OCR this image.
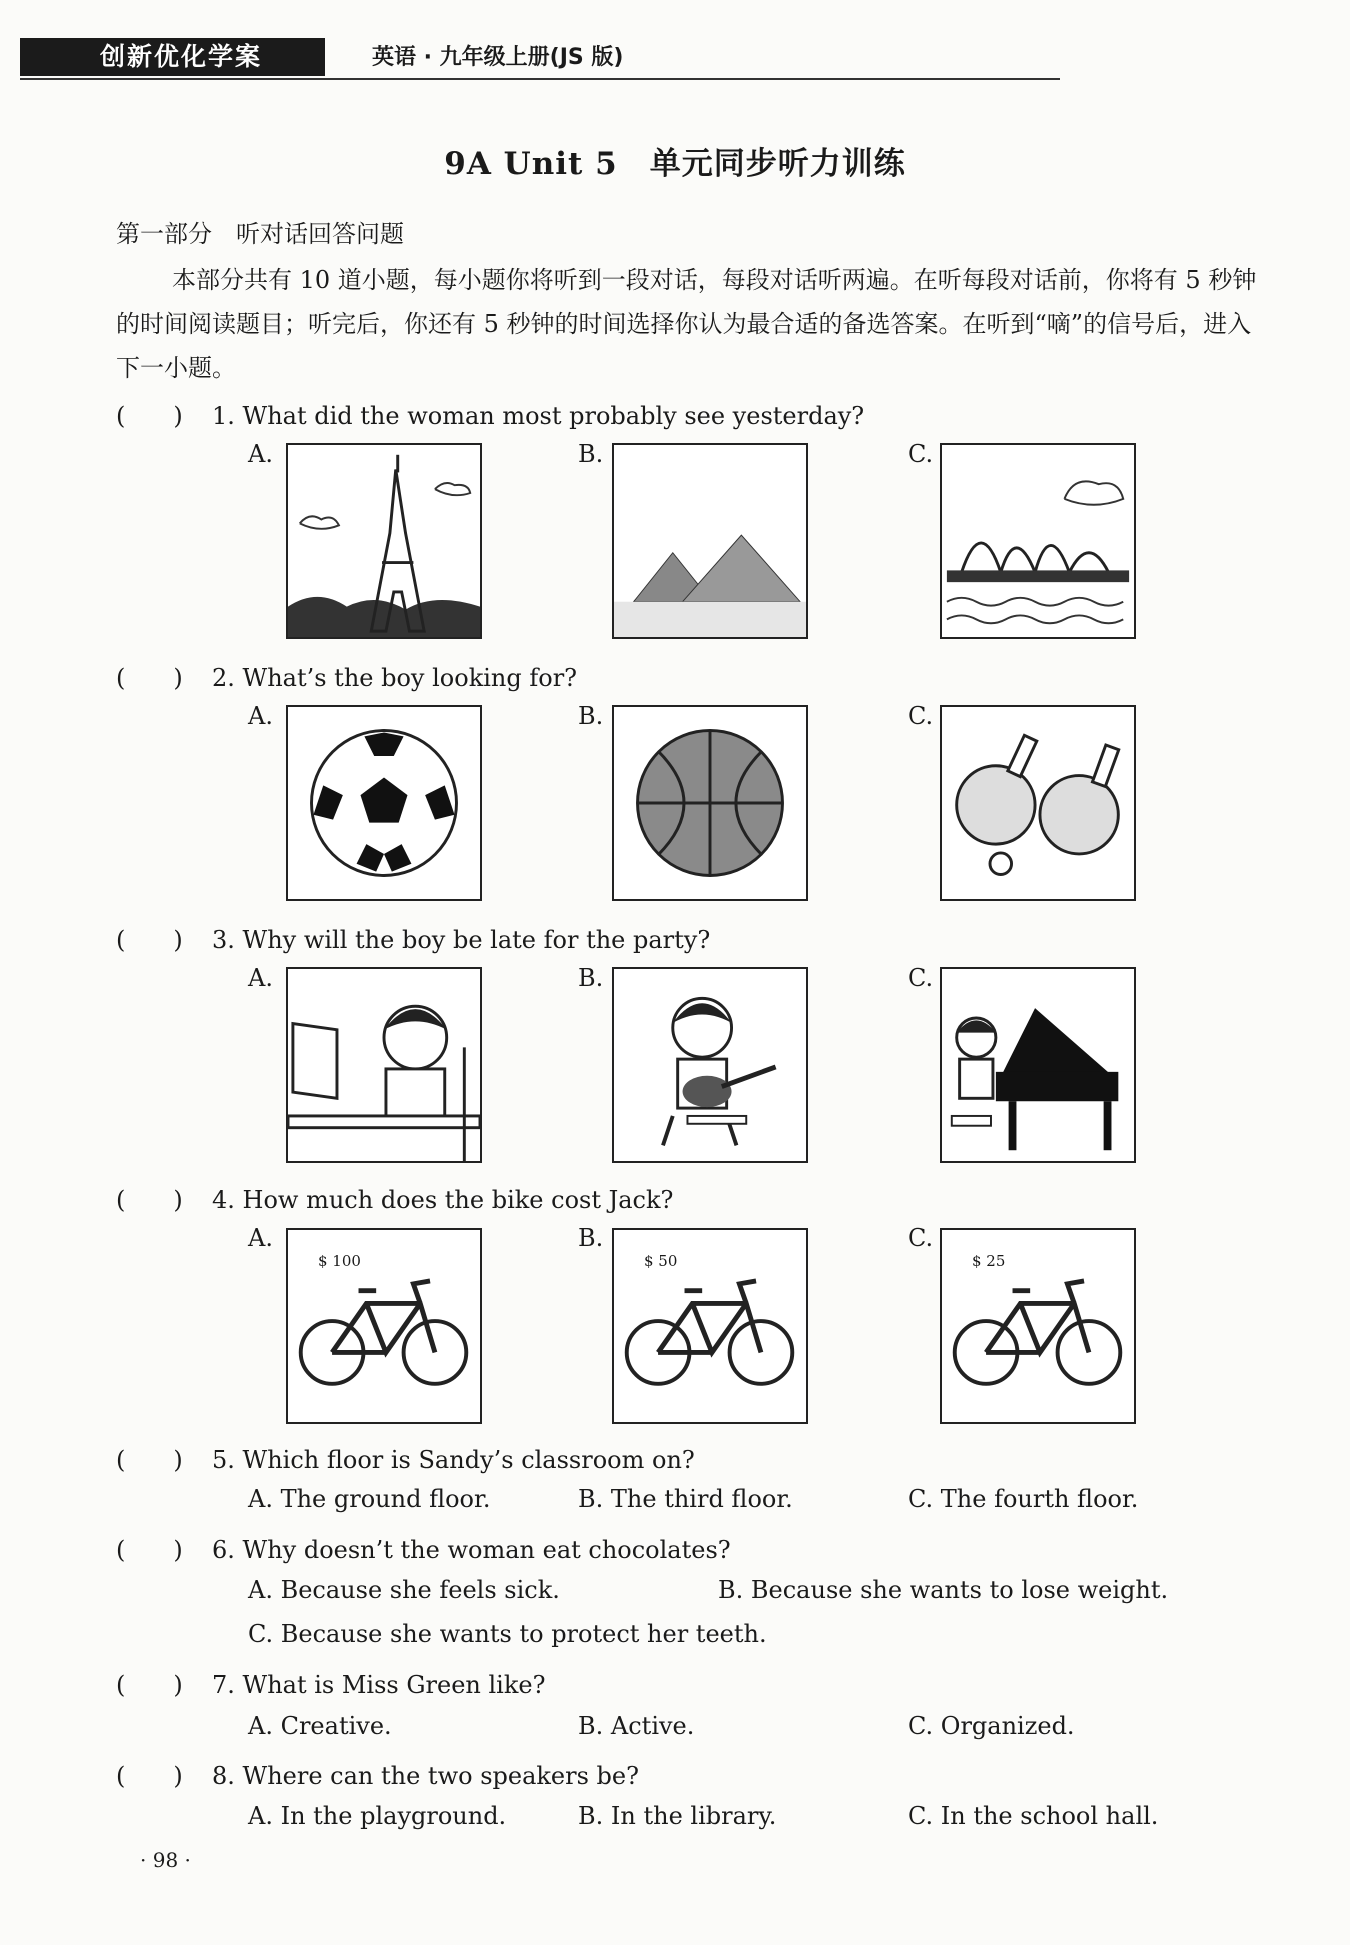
创新优化学案	英语 · 九年级上册(JS 版)
9A Unit 5　单元同步听力训练
第一部分　听对话回答问题
本部分共有 10 道小题，每小题你将听到一段对话，每段对话听两遍。在听每段对话前，你将有 5 秒钟的时间阅读题目；听完后，你还有 5 秒钟的时间选择你认为最合适的备选答案。在听到“嘀”的信号后，进入下一小题。
(　　) 1. What did the woman most probably see yesterday?
A.	B.	C.
(　　) 2. What’s the boy looking for?
A.	B.	C.
(　　) 3. Why will the boy be late for the party?
A.	B.	C.
(　　) 4. How much does the bike cost Jack?
A.	B.	C.
$ 100	$ 50	$ 25
(　　) 5. Which floor is Sandy’s classroom on?
A. The ground floor.	B. The third floor.	C. The fourth floor.
(　　) 6. Why doesn’t the woman eat chocolates?
A. Because she feels sick.	B. Because she wants to lose weight.
C. Because she wants to protect her teeth.
(　　) 7. What is Miss Green like?
A. Creative.	B. Active.	C. Organized.
(　　) 8. Where can the two speakers be?
A. In the playground.	B. In the library.	C. In the school hall.
· 98 ·
